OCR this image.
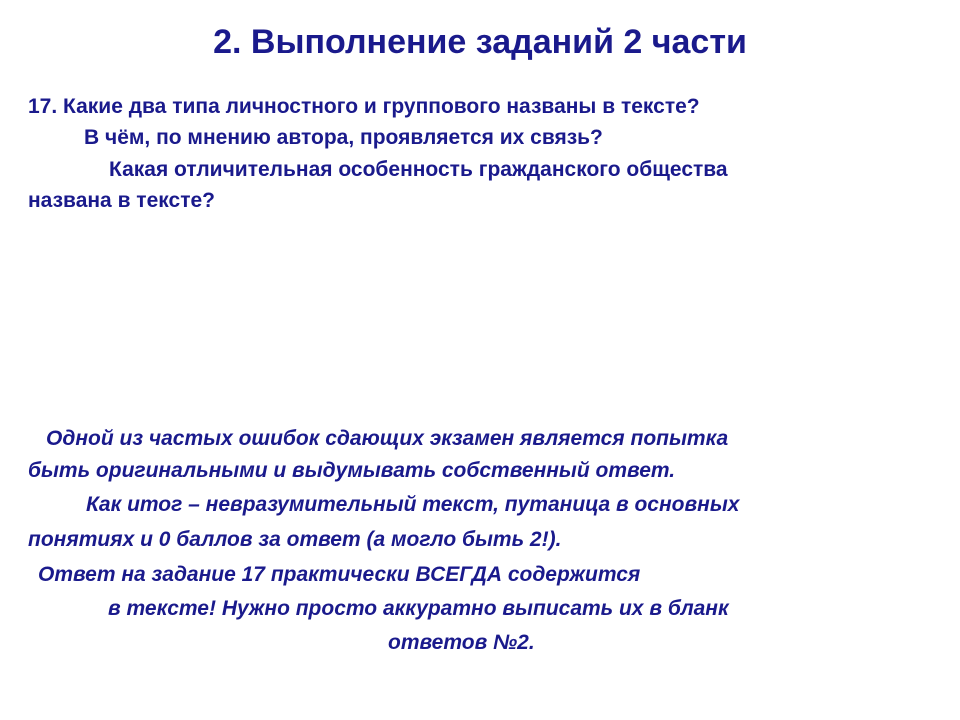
2. Выполнение заданий 2 части
17. Какие два типа личностного и группового названы в тексте?
В чём, по мнению автора, проявляется их связь?
Какая отличительная особенность гражданского общества
названа в тексте?
Одной из частых ошибок сдающих экзамен является попытка
быть оригинальными и выдумывать собственный ответ.
Как итог – невразумительный текст, путаница в основных
понятиях и 0 баллов за ответ (а могло быть 2!).
Ответ на задание 17 практически ВСЕГДА содержится
в тексте! Нужно просто аккуратно выписать их в бланк
ответов №2.
